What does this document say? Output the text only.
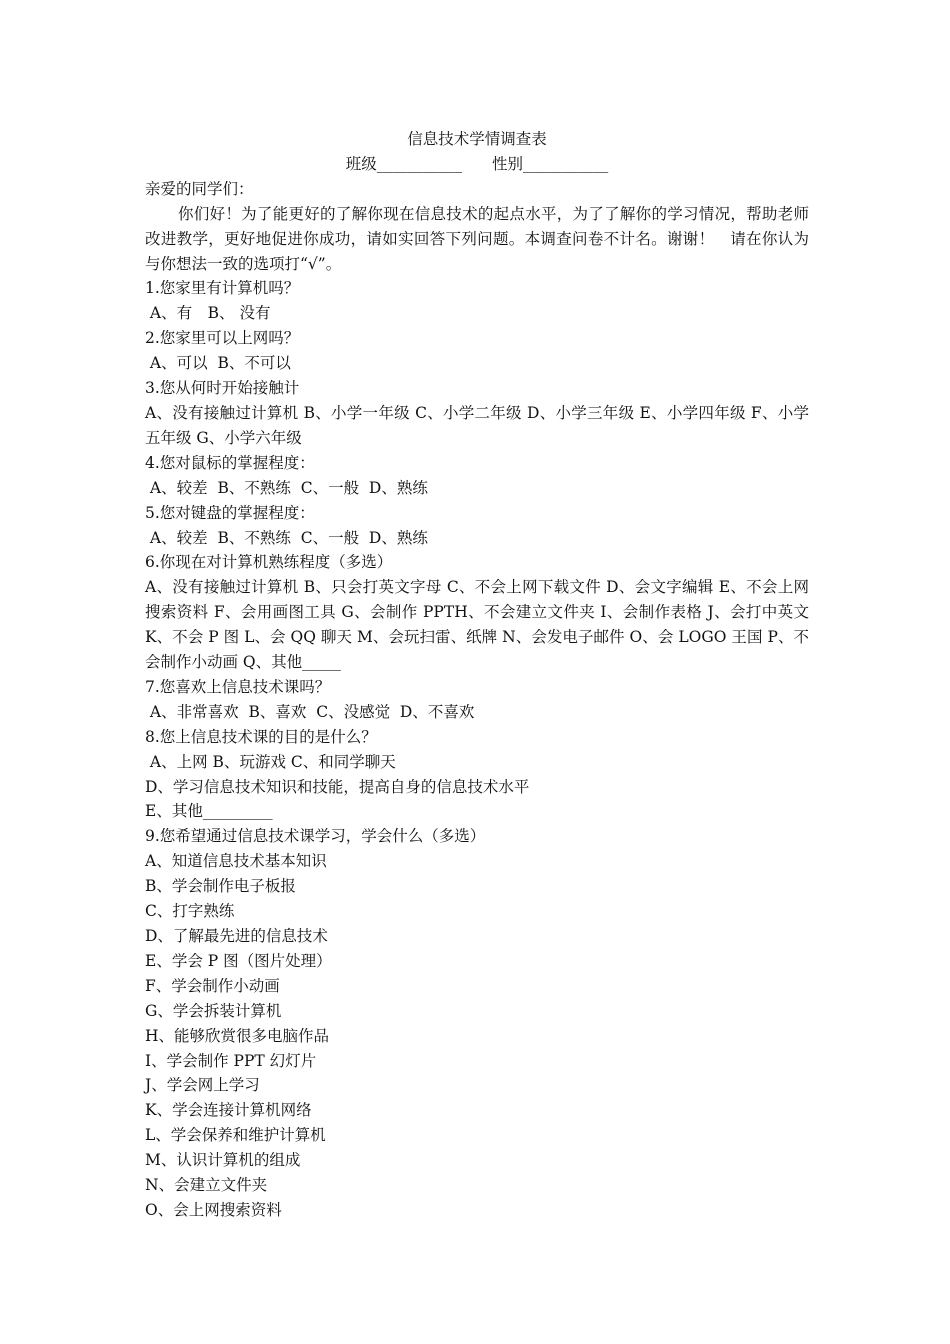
信息技术学情调查表
班级___________ 性别___________
亲爱的同学们：
你们好！为了能更好的了解你现在信息技术的起点水平，为了了解你的学习情况，帮助老师改进教学，更好地促进你成功，请如实回答下列问题。本调查问卷不计名。谢谢！　请在你认为与你想法一致的选项打“√”。
1.您家里有计算机吗？
A、有　B、 没有
2.您家里可以上网吗？
A、可以  B、不可以
3.您从何时开始接触计
A、没有接触过计算机 B、小学一年级 C、小学二年级 D、小学三年级 E、小学四年级 F、小学五年级 G、小学六年级
4.您对鼠标的掌握程度：
A、较差  B、不熟练  C、一般  D、熟练
5.您对键盘的掌握程度：
A、较差  B、不熟练  C、一般  D、熟练
6.你现在对计算机熟练程度（多选）
A、没有接触过计算机 B、只会打英文字母 C、不会上网下载文件 D、会文字编辑 E、不会上网搜索资料 F、会用画图工具 G、会制作 PPTH、不会建立文件夹 I、会制作表格 J、会打中英文 K、不会 P 图 L、会 QQ 聊天 M、会玩扫雷、纸牌 N、会发电子邮件 O、会 LOGO 王国 P、不会制作小动画 Q、其他_____
7.您喜欢上信息技术课吗？
A、非常喜欢  B、喜欢  C、没感觉  D、不喜欢
8.您上信息技术课的目的是什么？
A、上网 B、玩游戏 C、和同学聊天
D、学习信息技术知识和技能，提高自身的信息技术水平
E、其他_________
9.您希望通过信息技术课学习，学会什么（多选）
A、知道信息技术基本知识
B、学会制作电子板报
C、打字熟练
D、了解最先进的信息技术
E、学会 P 图（图片处理）
F、学会制作小动画
G、学会拆装计算机
H、能够欣赏很多电脑作品
I、学会制作 PPT 幻灯片
J、学会网上学习
K、学会连接计算机网络
L、学会保养和维护计算机
M、认识计算机的组成
N、会建立文件夹
O、会上网搜索资料
